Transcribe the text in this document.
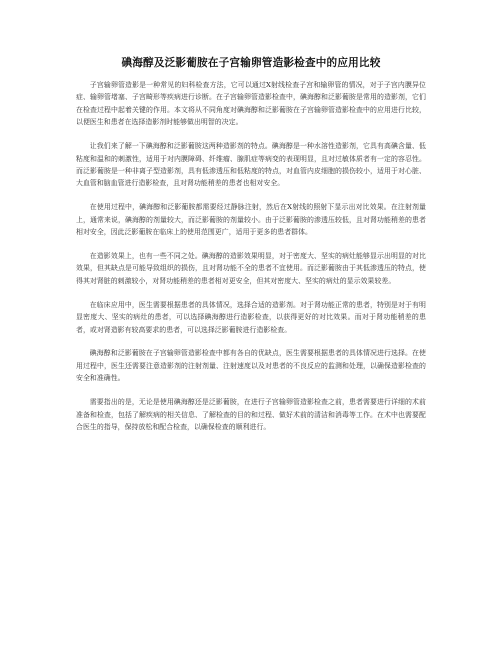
碘海醇及泛影葡胺在子宫输卵管造影检查中的应用比较

子宫输卵管造影是一种常见的妇科检查方法，它可以通过X射线检查子宫和输卵管的情况，对于子宫内膜异位症、输卵管堵塞、子宫畸形等疾病进行诊断。在子宫输卵管造影检查中，碘海醇和泛影葡胺是常用的造影剂，它们在检查过程中起着关键的作用。本文将从不同角度对碘海醇和泛影葡胺在子宫输卵管造影检查中的应用进行比较，以便医生和患者在选择造影剂时能够做出明智的决定。

让我们来了解一下碘海醇和泛影葡胺这两种造影剂的特点。碘海醇是一种水溶性造影剂，它具有高碘含量、低粘度和温和的刺激性，适用于对内膜障碍、纤维瘤、腺肌症等病变的表现明显，且对过敏体质者有一定的容忍性。而泛影葡胺是一种非离子型造影剂，具有低渗透压和低粘度的特点，对血管内皮细胞的损伤较小，适用于对心脏、大血管和脑血管进行造影检查，且对肾功能稍差的患者也相对安全。

在使用过程中，碘海醇和泛影葡胺都需要经过静脉注射，然后在X射线的照射下显示出对比效果。在注射剂量上，通常来说，碘海醇的剂量较大，而泛影葡胺的剂量较小。由于泛影葡胺的渗透压较低，且对肾功能稍差的患者相对安全，因此泛影葡胺在临床上的使用范围更广，适用于更多的患者群体。

在造影效果上，也有一些不同之处。碘海醇的造影效果明显，对于密度大、坚实的病灶能够显示出明显的对比效果，但其缺点是可能导致组织的损伤，且对肾功能不全的患者不宜使用。而泛影葡胺由于其低渗透压的特点，使得其对肾脏的刺激较小，对肾功能稍差的患者相对更安全，但其对密度大、坚实的病灶的显示效果较差。

在临床应用中，医生需要根据患者的具体情况，选择合适的造影剂。对于肾功能正常的患者，特别是对于有明显密度大、坚实的病灶的患者，可以选择碘海醇进行造影检查，以获得更好的对比效果。而对于肾功能稍差的患者，或对肾造影有较高要求的患者，可以选择泛影葡胺进行造影检查。

碘海醇和泛影葡胺在子宫输卵管造影检查中都有各自的优缺点，医生需要根据患者的具体情况进行选择。在使用过程中，医生还需要注意造影剂的注射剂量、注射速度以及对患者的不良反应的监测和处理，以确保造影检查的安全和准确性。

需要指出的是，无论是使用碘海醇还是泛影葡胺，在进行子宫输卵管造影检查之前，患者需要进行详细的术前准备和检查，包括了解疾病的相关信息、了解检查的目的和过程、做好术前的清洁和消毒等工作。在术中也需要配合医生的指导，保持放松和配合检查，以确保检查的顺利进行。
